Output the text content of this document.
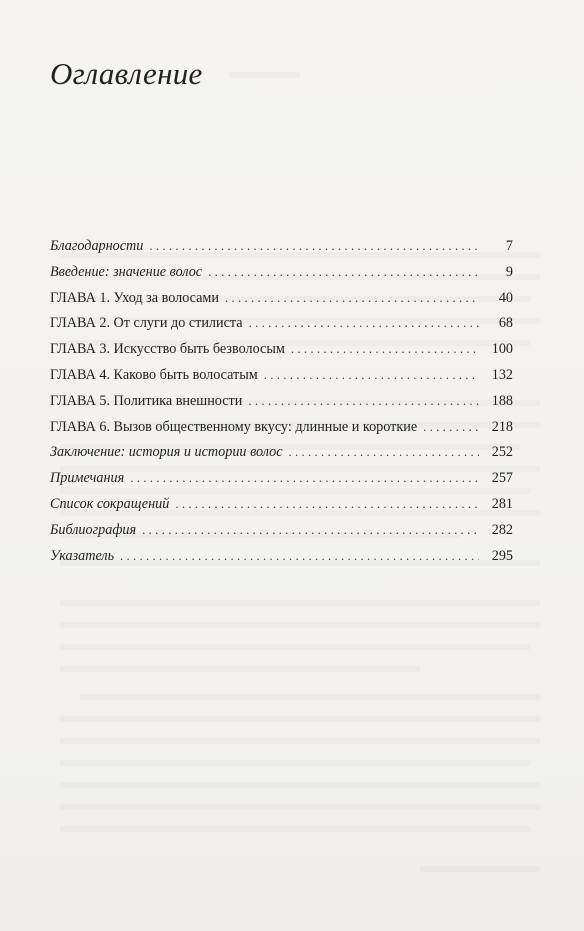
Оглавление
Благодарности . . .	7
Введение: значение волос . . .	9
ГЛАВА 1. Уход за волосами . . .	40
ГЛАВА 2. От слуги до стилиста . . .	68
ГЛАВА 3. Искусство быть безволосым . . .	100
ГЛАВА 4. Каково быть волосатым . . .	132
ГЛАВА 5. Политика внешности . . .	188
ГЛАВА 6. Вызов общественному вкусу: длинные и короткие . . .	218
Заключение: история и истории волос . . .	252
Примечания . . .	257
Список сокращений . . .	281
Библиография . . .	282
Указатель . . .	295
